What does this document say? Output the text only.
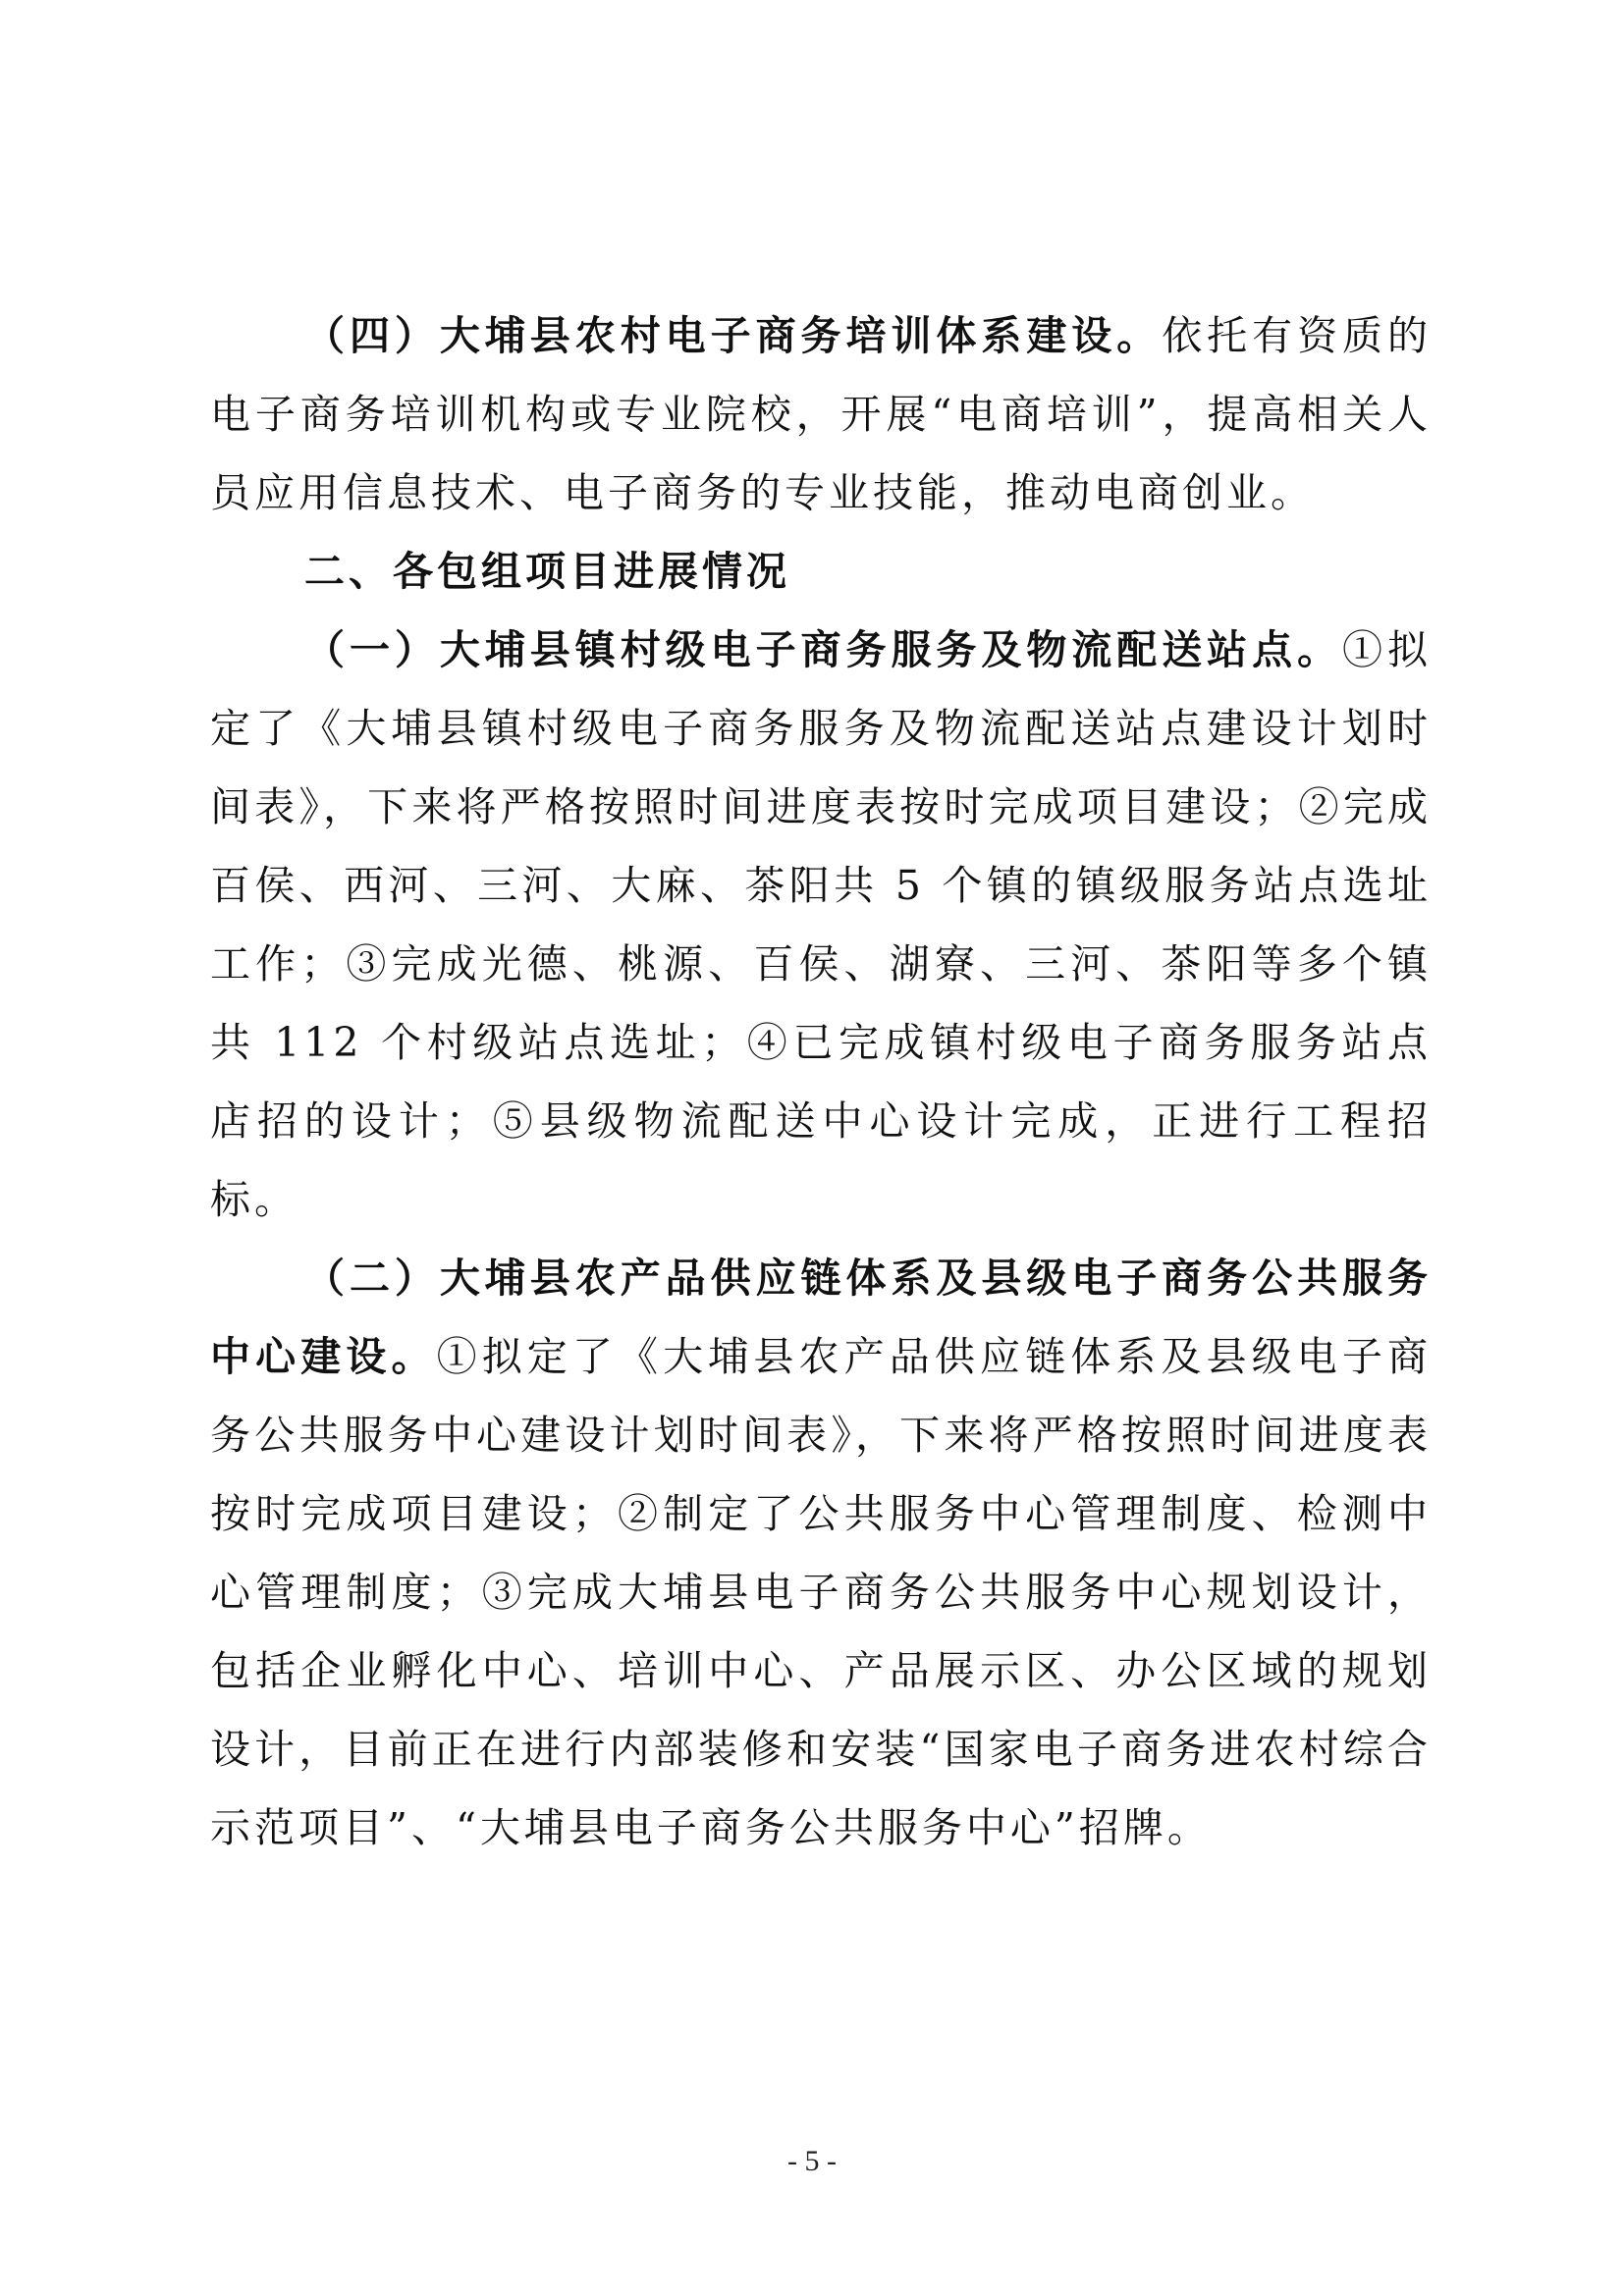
（四）大埔县农村电子商务培训体系建设。依托有资质的电子商务培训机构或专业院校，开展“电商培训”，提高相关人员应用信息技术、电子商务的专业技能，推动电商创业。

二、各包组项目进展情况

（一）大埔县镇村级电子商务服务及物流配送站点。①拟定了《大埔县镇村级电子商务服务及物流配送站点建设计划时间表》，下来将严格按照时间进度表按时完成项目建设；②完成百侯、西河、三河、大麻、茶阳共 5 个镇的镇级服务站点选址工作；③完成光德、桃源、百侯、湖寮、三河、茶阳等多个镇共 112 个村级站点选址；④已完成镇村级电子商务服务站点店招的设计；⑤县级物流配送中心设计完成，正进行工程招标。

（二）大埔县农产品供应链体系及县级电子商务公共服务中心建设。①拟定了《大埔县农产品供应链体系及县级电子商务公共服务中心建设计划时间表》，下来将严格按照时间进度表按时完成项目建设；②制定了公共服务中心管理制度、检测中心管理制度；③完成大埔县电子商务公共服务中心规划设计，包括企业孵化中心、培训中心、产品展示区、办公区域的规划设计，目前正在进行内部装修和安装“国家电子商务进农村综合示范项目”、“大埔县电子商务公共服务中心”招牌。

- 5 -
